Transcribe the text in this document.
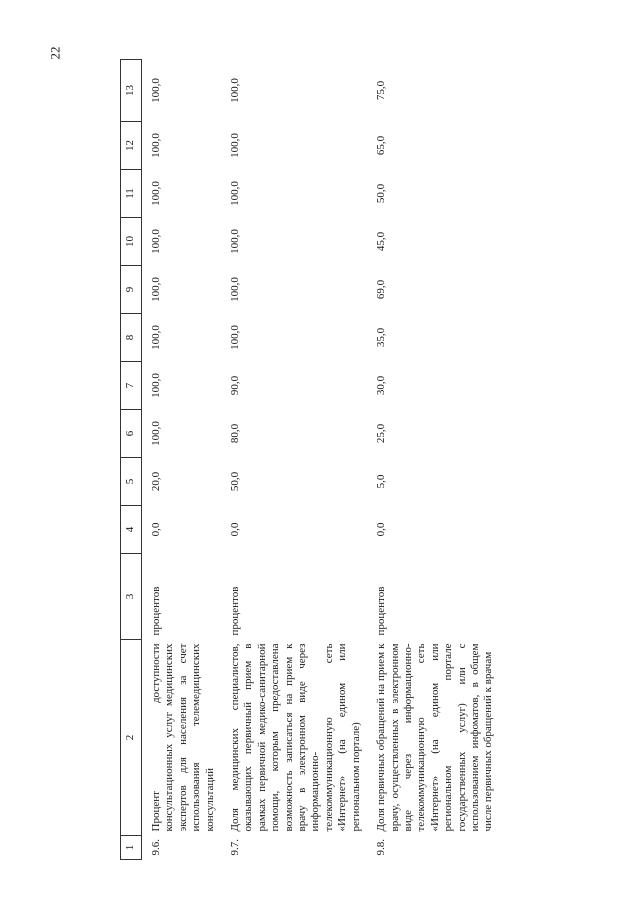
22
1	2	3	4	5	6	7	8	9	10	11	12	13
9.6.	Процент доступности консультационных услуг медицинских экспертов для населения за счет использования телемедицинских консультаций	процентов	0,0	20,0	100,0	100,0	100,0	100,0	100,0	100,0	100,0	100,0
9.7.	Доля медицинских специалистов, оказывающих первичный прием в рамках первичной медико-санитарной помощи, которым предоставлена возможность записаться на прием к врачу в электронном виде через информационно-телекоммуникационную сеть «Интернет» (на едином или региональном портале)	процентов	0,0	50,0	80,0	90,0	100,0	100,0	100,0	100,0	100,0	100,0
9.8.	Доля первичных обращений на прием к врачу, осуществленных в электронном виде через информационно-телекоммуникационную сеть «Интернет» (на едином или региональном портале государственных услуг) или с использованием инфоматов, в общем числе первичных обращений к врачам	процентов	0,0	5,0	25,0	30,0	35,0	69,0	45,0	50,0	65,0	75,0
